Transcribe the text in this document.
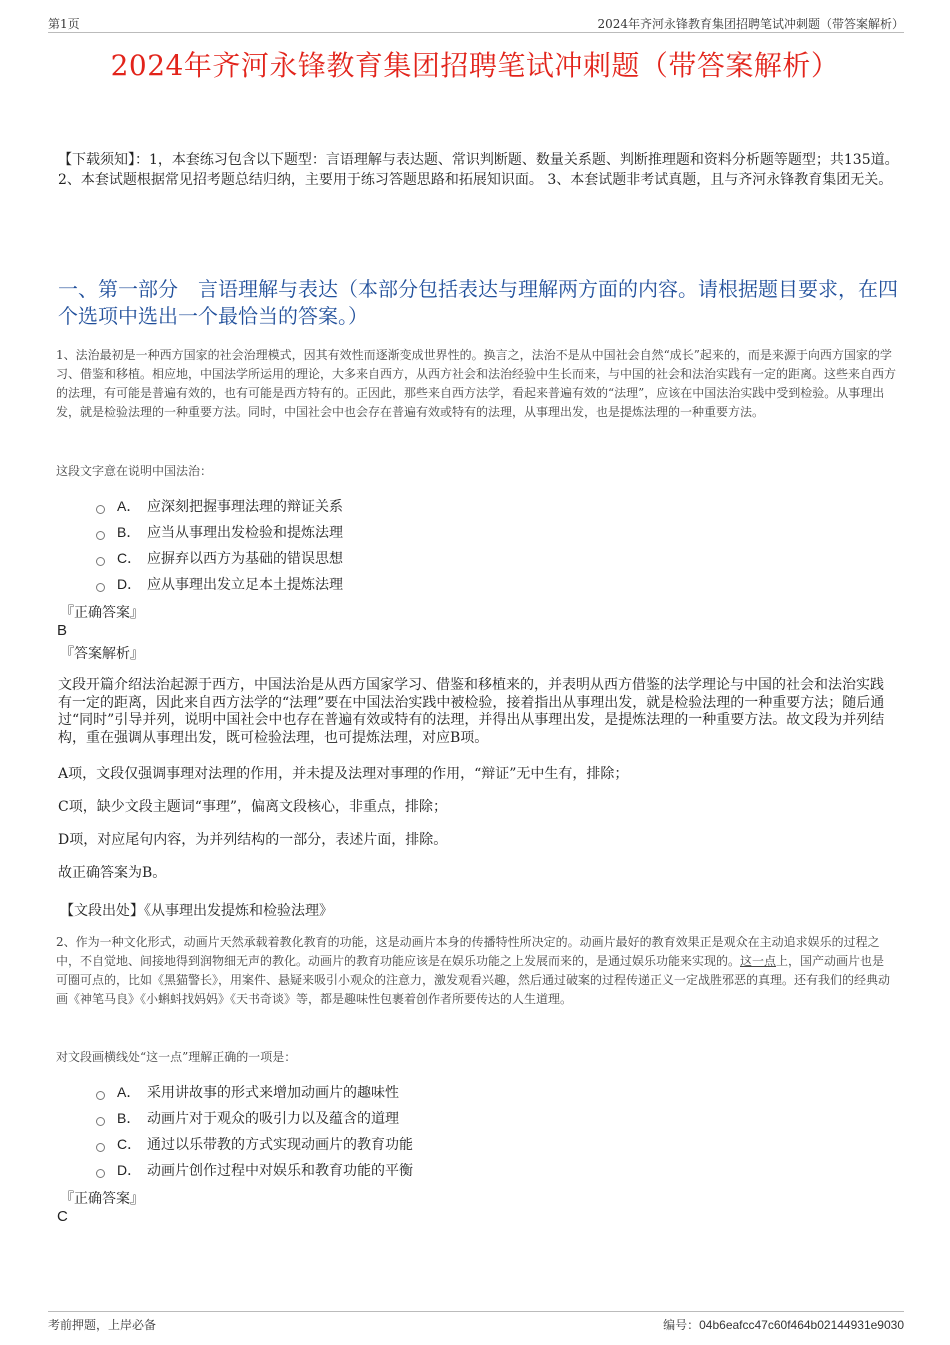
第1页	2024年齐河永锋教育集团招聘笔试冲刺题（带答案解析）
2024年齐河永锋教育集团招聘笔试冲刺题（带答案解析）
【下载须知】：1，本套练习包含以下题型：言语理解与表达题、常识判断题、数量关系题、判断推理题和资料分析题等题型；共135道。 2、本套试题根据常见招考题总结归纳，主要用于练习答题思路和拓展知识面。 3、本套试题非考试真题，且与齐河永锋教育集团无关。
一、第一部分　言语理解与表达（本部分包括表达与理解两方面的内容。请根据题目要求，在四个选项中选出一个最恰当的答案。）
1、法治最初是一种西方国家的社会治理模式，因其有效性而逐渐变成世界性的。换言之，法治不是从中国社会自然“成长”起来的，而是来源于向西方国家的学习、借鉴和移植。相应地，中国法学所运用的理论，大多来自西方，从西方社会和法治经验中生长而来，与中国的社会和法治实践有一定的距离。这些来自西方的法理，有可能是普遍有效的，也有可能是西方特有的。正因此，那些来自西方法学，看起来普遍有效的“法理”，应该在中国法治实践中受到检验。从事理出发，就是检验法理的一种重要方法。同时，中国社会中也会存在普遍有效或特有的法理，从事理出发，也是提炼法理的一种重要方法。
这段文字意在说明中国法治：
A． 应深刻把握事理法理的辩证关系
B． 应当从事理出发检验和提炼法理
C． 应摒弃以西方为基础的错误思想
D． 应从事理出发立足本土提炼法理
『正确答案』
B
『答案解析』
文段开篇介绍法治起源于西方，中国法治是从西方国家学习、借鉴和移植来的，并表明从西方借鉴的法学理论与中国的社会和法治实践有一定的距离，因此来自西方法学的“法理”要在中国法治实践中被检验，接着指出从事理出发，就是检验法理的一种重要方法；随后通过“同时”引导并列，说明中国社会中也存在普遍有效或特有的法理，并得出从事理出发，是提炼法理的一种重要方法。故文段为并列结构，重在强调从事理出发，既可检验法理，也可提炼法理，对应B项。
A项，文段仅强调事理对法理的作用，并未提及法理对事理的作用，“辩证”无中生有，排除；
C项，缺少文段主题词“事理”，偏离文段核心，非重点，排除；
D项，对应尾句内容，为并列结构的一部分，表述片面，排除。
故正确答案为B。
【文段出处】《从事理出发提炼和检验法理》
2、作为一种文化形式，动画片天然承载着教化教育的功能，这是动画片本身的传播特性所决定的。动画片最好的教育效果正是观众在主动追求娱乐的过程之中，不自觉地、间接地得到润物细无声的教化。动画片的教育功能应该是在娱乐功能之上发展而来的，是通过娱乐功能来实现的。这一点上，国产动画片也是可圈可点的，比如《黑猫警长》，用案件、悬疑来吸引小观众的注意力，激发观看兴趣，然后通过破案的过程传递正义一定战胜邪恶的真理。还有我们的经典动画《神笔马良》《小蝌蚪找妈妈》《天书奇谈》等，都是趣味性包裹着创作者所要传达的人生道理。
对文段画横线处“这一点”理解正确的一项是：
A． 采用讲故事的形式来增加动画片的趣味性
B． 动画片对于观众的吸引力以及蕴含的道理
C． 通过以乐带教的方式实现动画片的教育功能
D． 动画片创作过程中对娱乐和教育功能的平衡
『正确答案』
C
考前押题，上岸必备	编号：04b6eafcc47c60f464b02144931e9030
